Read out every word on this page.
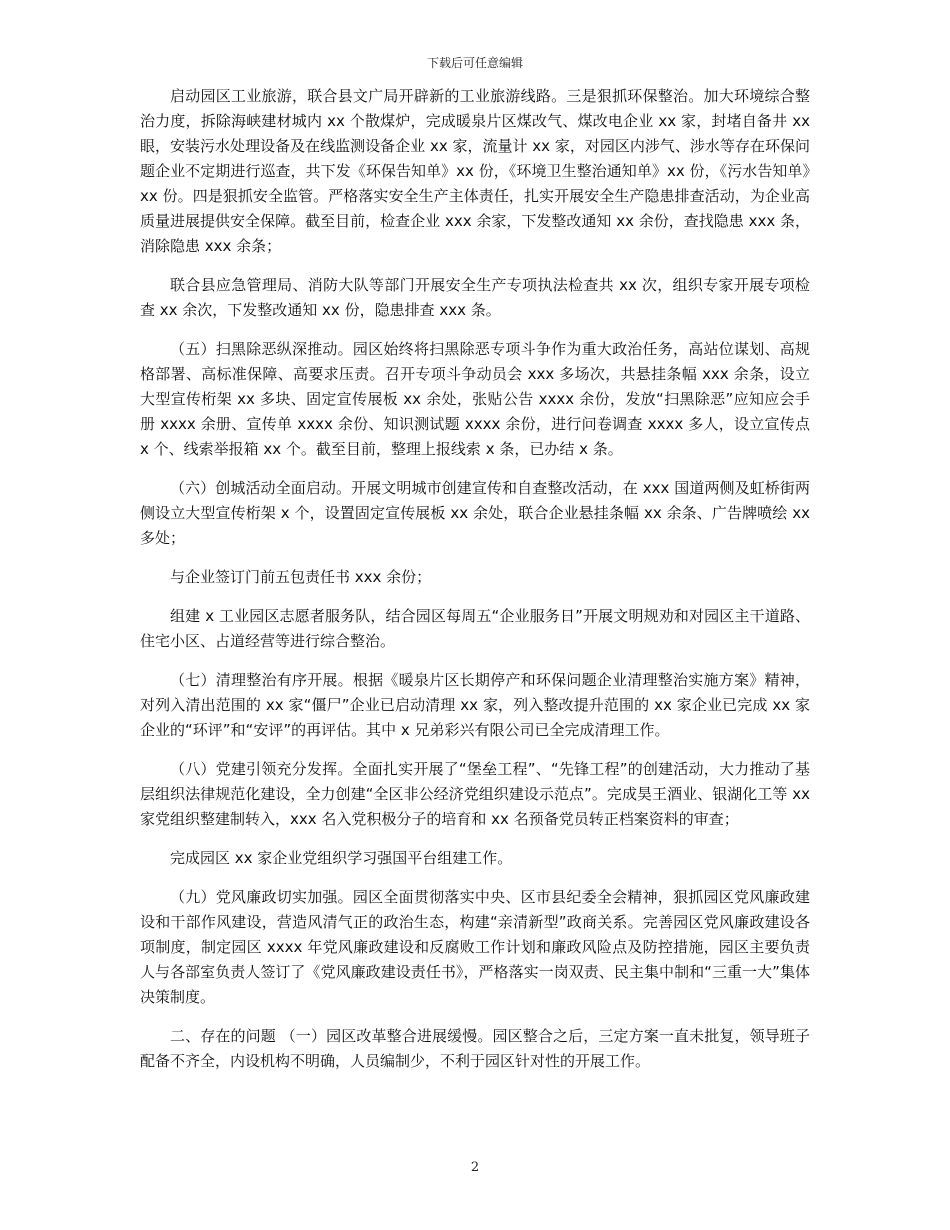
下载后可任意编辑

启动园区工业旅游，联合县文广局开辟新的工业旅游线路。三是狠抓环保整治。加大环境综合整治力度，拆除海峡建材城内 xx 个散煤炉，完成暖泉片区煤改气、煤改电企业 xx 家，封堵自备井 xx 眼，安装污水处理设备及在线监测设备企业 xx 家，流量计 xx 家，对园区内涉气、涉水等存在环保问题企业不定期进行巡查，共下发《环保告知单》xx 份，《环境卫生整治通知单》xx 份，《污水告知单》xx 份。四是狠抓安全监管。严格落实安全生产主体责任，扎实开展安全生产隐患排查活动，为企业高质量进展提供安全保障。截至目前，检查企业 xxx 余家，下发整改通知 xx 余份，查找隐患 xxx 条，消除隐患 xxx 余条；

联合县应急管理局、消防大队等部门开展安全生产专项执法检查共 xx 次，组织专家开展专项检查 xx 余次，下发整改通知 xx 份，隐患排查 xxx 条。

（五）扫黑除恶纵深推动。园区始终将扫黑除恶专项斗争作为重大政治任务，高站位谋划、高规格部署、高标准保障、高要求压责。召开专项斗争动员会 xxx 多场次，共悬挂条幅 xxx 余条，设立大型宣传桁架 xx 多块、固定宣传展板 xx 余处，张贴公告 xxxx 余份，发放“扫黑除恶”应知应会手册 xxxx 余册、宣传单 xxxx 余份、知识测试题 xxxx 余份，进行问卷调查 xxxx 多人，设立宣传点 x 个、线索举报箱 xx 个。截至目前，整理上报线索 x 条，已办结 x 条。

（六）创城活动全面启动。开展文明城市创建宣传和自查整改活动，在 xxx 国道两侧及虹桥街两侧设立大型宣传桁架 x 个，设置固定宣传展板 xx 余处，联合企业悬挂条幅 xx 余条、广告牌喷绘 xx 多处；

与企业签订门前五包责任书 xxx 余份；

组建 x 工业园区志愿者服务队，结合园区每周五“企业服务日”开展文明规劝和对园区主干道路、住宅小区、占道经营等进行综合整治。

（七）清理整治有序开展。根据《暖泉片区长期停产和环保问题企业清理整治实施方案》精神，对列入清出范围的 xx 家“僵尸”企业已启动清理 xx 家，列入整改提升范围的 xx 家企业已完成 xx 家企业的“环评”和“安评”的再评估。其中 x 兄弟彩兴有限公司已全完成清理工作。

（八）党建引领充分发挥。全面扎实开展了“堡垒工程”、“先锋工程”的创建活动，大力推动了基层组织法律规范化建设，全力创建“全区非公经济党组织建设示范点”。完成昊王酒业、银湖化工等 xx 家党组织整建制转入，xxx 名入党积极分子的培育和 xx 名预备党员转正档案资料的审查；

完成园区 xx 家企业党组织学习强国平台组建工作。

（九）党风廉政切实加强。园区全面贯彻落实中央、区市县纪委全会精神，狠抓园区党风廉政建设和干部作风建设，营造风清气正的政治生态，构建“亲清新型”政商关系。完善园区党风廉政建设各项制度，制定园区 xxxx 年党风廉政建设和反腐败工作计划和廉政风险点及防控措施，园区主要负责人与各部室负责人签订了《党风廉政建设责任书》，严格落实一岗双责、民主集中制和“三重一大”集体决策制度。

二、存在的问题 （一）园区改革整合进展缓慢。园区整合之后，三定方案一直未批复，领导班子配备不齐全，内设机构不明确，人员编制少，不利于园区针对性的开展工作。

2
